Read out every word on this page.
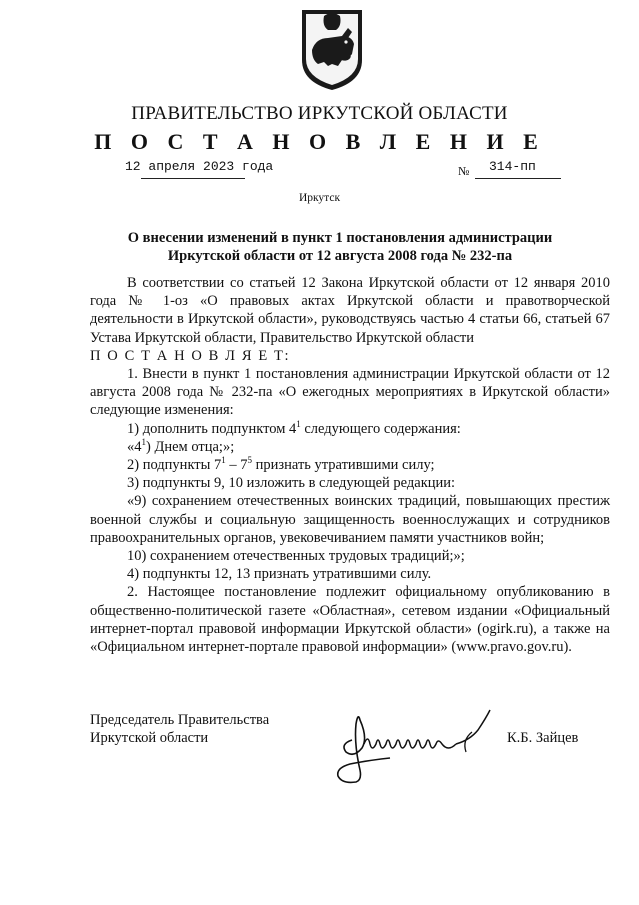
ПРАВИТЕЛЬСТВО ИРКУТСКОЙ ОБЛАСТИ
П О С Т А Н О В Л Е Н И Е
12 апреля 2023 года	№ 314-пп
Иркутск
О внесении изменений в пункт 1 постановления администрации
Иркутской области от 12 августа 2008 года № 232-па

В соответствии со статьей 12 Закона Иркутской области от 12 января 2010 года № 1-оз «О правовых актах Иркутской области и правотворческой деятельности в Иркутской области», руководствуясь частью 4 статьи 66, статьей 67 Устава Иркутской области, Правительство Иркутской области

П О С Т А Н О В Л Я Е Т:

1. Внести в пункт 1 постановления администрации Иркутской области от 12 августа 2008 года № 232-па «О ежегодных мероприятиях в Иркутской области» следующие изменения:

1) дополнить подпунктом $4^1$ следующего содержания:

«$4^1$) Днем отца;»;

2) подпункты $7^1 - 7^5$ признать утратившими силу;

3) подпункты 9, 10 изложить в следующей редакции:

«9) сохранением отечественных воинских традиций, повышающих престиж военной службы и социальную защищенность военнослужащих и сотрудников правоохранительных органов, увековечиванием памяти участников войн;

10) сохранением отечественных трудовых традиций;»;

4) подпункты 12, 13 признать утратившими силу.

2. Настоящее постановление подлежит официальному опубликованию в общественно-политической газете «Областная», сетевом издании «Официальный интернет-портал правовой информации Иркутской области» (ogirk.ru), а также на «Официальном интернет-портале правовой информации» (www.pravo.gov.ru).

Председатель Правительства
Иркутской области	К.Б. Зайцев
